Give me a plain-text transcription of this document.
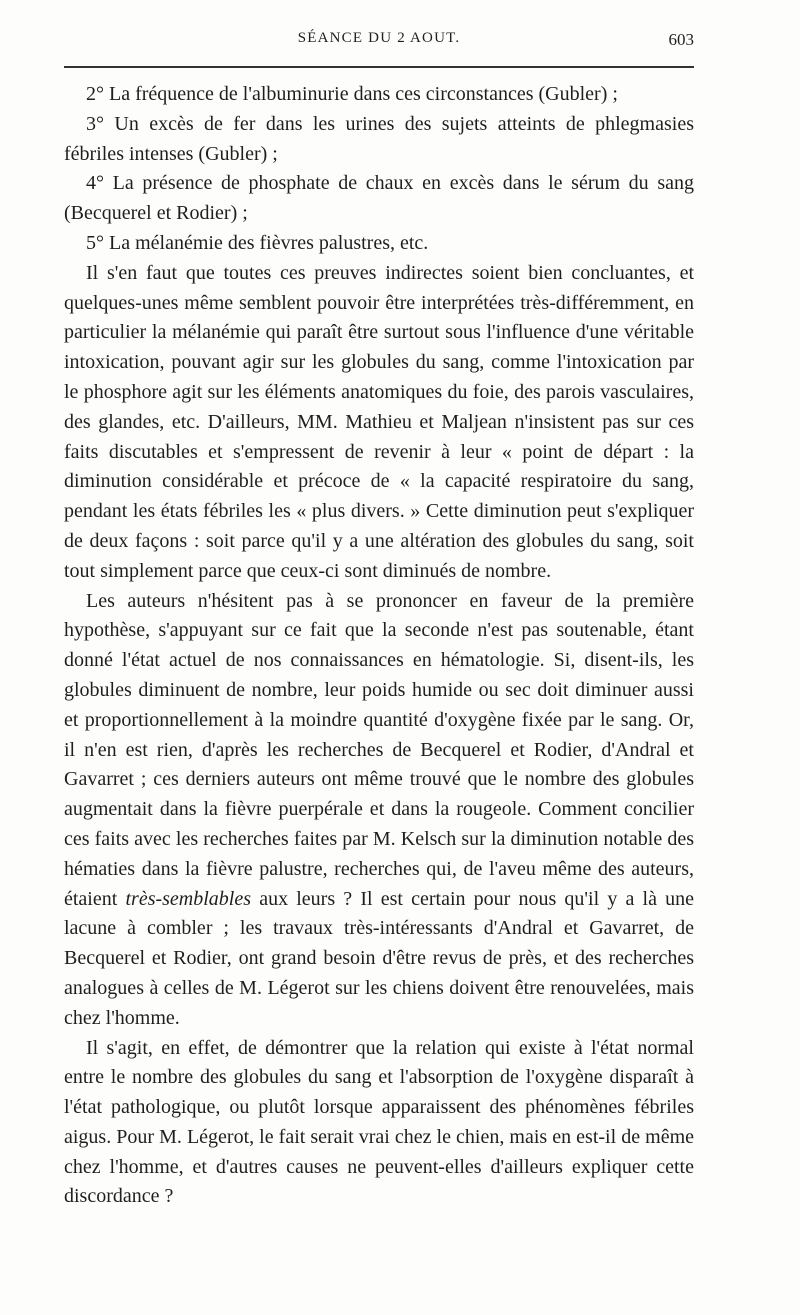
SÉANCE DU 2 AOUT.	603

2° La fréquence de l'albuminurie dans ces circonstances (Gubler) ;

3° Un excès de fer dans les urines des sujets atteints de phlegmasies fébriles intenses (Gubler) ;

4° La présence de phosphate de chaux en excès dans le sérum du sang (Becquerel et Rodier) ;

5° La mélanémie des fièvres palustres, etc.

Il s'en faut que toutes ces preuves indirectes soient bien concluantes, et quelques-unes même semblent pouvoir être interprétées très-différemment, en particulier la mélanémie qui paraît être surtout sous l'influence d'une véritable intoxication, pouvant agir sur les globules du sang, comme l'intoxication par le phosphore agit sur les éléments anatomiques du foie, des parois vasculaires, des glandes, etc. D'ailleurs, MM. Mathieu et Maljean n'insistent pas sur ces faits discutables et s'empressent de revenir à leur « point de départ : la diminution considérable et précoce de « la capacité respiratoire du sang, pendant les états fébriles les « plus divers. » Cette diminution peut s'expliquer de deux façons : soit parce qu'il y a une altération des globules du sang, soit tout simplement parce que ceux-ci sont diminués de nombre.

Les auteurs n'hésitent pas à se prononcer en faveur de la première hypothèse, s'appuyant sur ce fait que la seconde n'est pas soutenable, étant donné l'état actuel de nos connaissances en hématologie. Si, disent-ils, les globules diminuent de nombre, leur poids humide ou sec doit diminuer aussi et proportionnellement à la moindre quantité d'oxygène fixée par le sang. Or, il n'en est rien, d'après les recherches de Becquerel et Rodier, d'Andral et Gavarret ; ces derniers auteurs ont même trouvé que le nombre des globules augmentait dans la fièvre puerpérale et dans la rougeole. Comment concilier ces faits avec les recherches faites par M. Kelsch sur la diminution notable des hématies dans la fièvre palustre, recherches qui, de l'aveu même des auteurs, étaient très-semblables aux leurs ? Il est certain pour nous qu'il y a là une lacune à combler ; les travaux très-intéressants d'Andral et Gavarret, de Becquerel et Rodier, ont grand besoin d'être revus de près, et des recherches analogues à celles de M. Légerot sur les chiens doivent être renouvelées, mais chez l'homme.

Il s'agit, en effet, de démontrer que la relation qui existe à l'état normal entre le nombre des globules du sang et l'absorption de l'oxygène disparaît à l'état pathologique, ou plutôt lorsque apparaissent des phénomènes fébriles aigus. Pour M. Légerot, le fait serait vrai chez le chien, mais en est-il de même chez l'homme, et d'autres causes ne peuvent-elles d'ailleurs expliquer cette discordance ?
